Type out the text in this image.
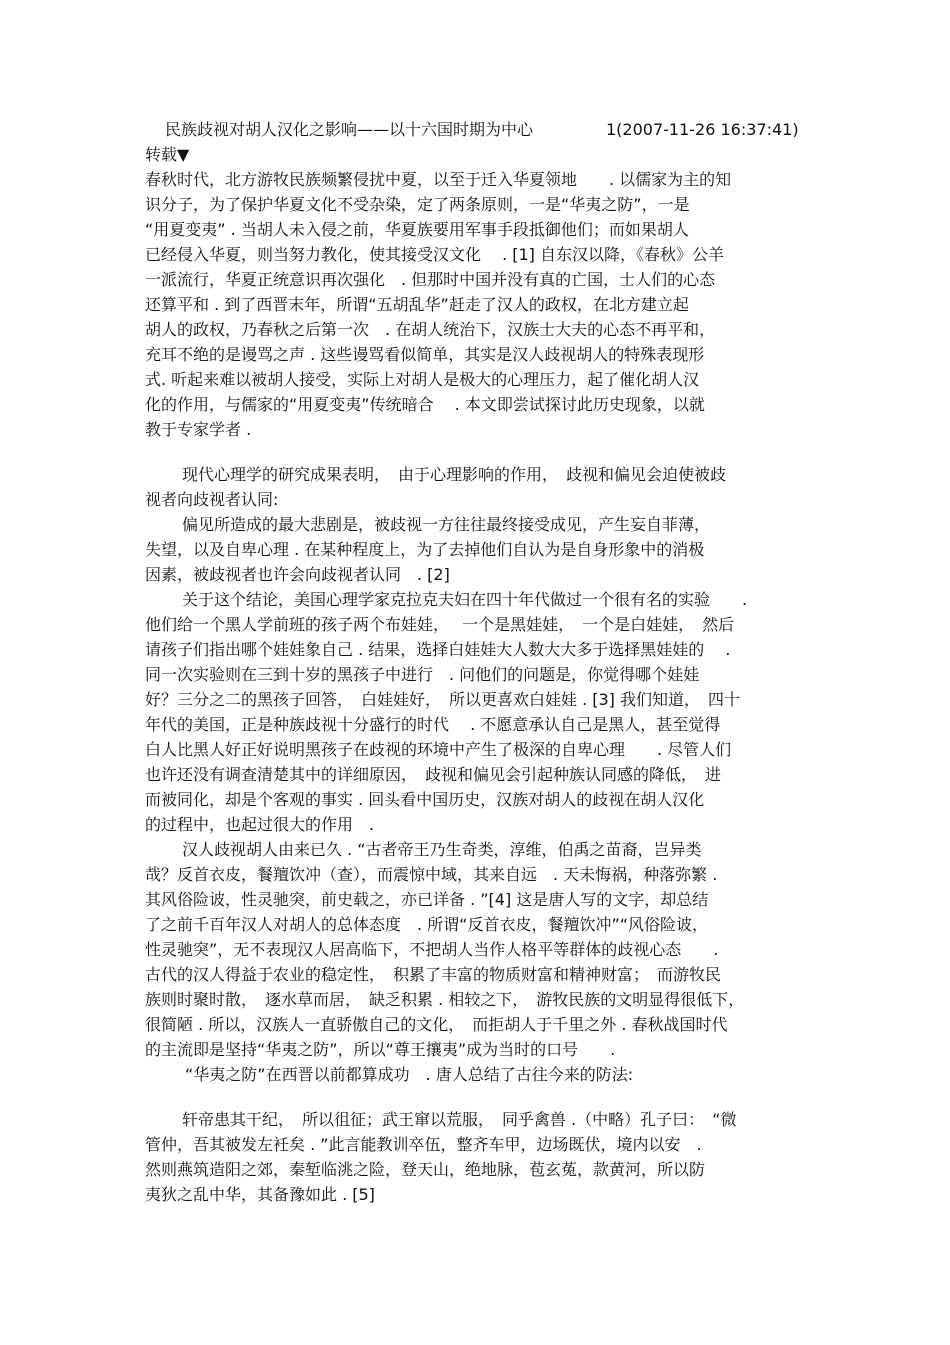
民族歧视对胡人汉化之影响——以十六国时期为中心	1(2007-11-26 16:37:41)
转载▼
春秋时代，北方游牧民族频繁侵扰中夏，以至于迁入华夏领地　　. 以儒家为主的知
识分子，为了保护华夏文化不受杂染，定了两条原则，一是“华夷之防”，一是
“用夏变夷” . 当胡人未入侵之前，华夏族要用军事手段抵御他们；而如果胡人
已经侵入华夏，则当努力教化，使其接受汉文化　 . [1] 自东汉以降，《春秋》公羊
一派流行，华夏正统意识再次强化　. 但那时中国并没有真的亡国，士人们的心态
还算平和 . 到了西晋末年，所谓“五胡乱华”赶走了汉人的政权，在北方建立起
胡人的政权，乃春秋之后第一次　. 在胡人统治下，汉族士大夫的心态不再平和，
充耳不绝的是谩骂之声 . 这些谩骂看似简单，其实是汉人歧视胡人的特殊表现形
式. 听起来难以被胡人接受，实际上对胡人是极大的心理压力，起了催化胡人汉
化的作用，与儒家的“用夏变夷”传统暗合　 . 本文即尝试探讨此历史现象，以就
教于专家学者 .
现代心理学的研究成果表明，　由于心理影响的作用，　歧视和偏见会迫使被歧
视者向歧视者认同:
偏见所造成的最大悲剧是，被歧视一方往往最终接受成见，产生妄自菲薄，
失望，以及自卑心理 . 在某种程度上，为了去掉他们自认为是自身形象中的消极
因素，被歧视者也许会向歧视者认同　. [2]
关于这个结论，美国心理学家克拉克夫妇在四十年代做过一个很有名的实验　　.
他们给一个黑人学前班的孩子两个布娃娃，　 一个是黑娃娃，　一个是白娃娃，　然后
请孩子们指出哪个娃娃象自己 . 结果，选择白娃娃大人数大大多于选择黑娃娃的　 .
同一次实验则在三到十岁的黑孩子中进行　. 问他们的问题是，你觉得哪个娃娃
好？三分之二的黑孩子回答，　白娃娃好，　所以更喜欢白娃娃 . [3] 我们知道，　四十
年代的美国，正是种族歧视十分盛行的时代　 . 不愿意承认自己是黑人，甚至觉得
白人比黑人好正好说明黑孩子在歧视的环境中产生了极深的自卑心理　　. 尽管人们
也许还没有调查清楚其中的详细原因，　歧视和偏见会引起种族认同感的降低，　进
而被同化，却是个客观的事实 . 回头看中国历史，汉族对胡人的歧视在胡人汉化
的过程中，也起过很大的作用　.
汉人歧视胡人由来已久 . “古者帝王乃生奇类，淳维，伯禹之苗裔，岂异类
哉？反首衣皮，餐羶饮冲（查），而震惊中域，其来自远　. 天未悔祸，种落弥繁 .
其风俗险诐，性灵驰突，前史载之，亦已详备 . ”[4] 这是唐人写的文字，却总结
了之前千百年汉人对胡人的总体态度　. 所谓“反首衣皮，餐羶饮冲”“风俗险诐，
性灵驰突”，无不表现汉人居高临下，不把胡人当作人格平等群体的歧视心态　　.
古代的汉人得益于农业的稳定性，　积累了丰富的物质财富和精神财富；　而游牧民
族则时聚时散，　逐水草而居，　缺乏积累 . 相较之下，　游牧民族的文明显得很低下，
很简陋 . 所以，汉族人一直骄傲自己的文化，　而拒胡人于千里之外 . 春秋战国时代
的主流即是坚持“华夷之防”，所以“尊王攘夷”成为当时的口号　　.
“华夷之防”在西晋以前都算成功　. 唐人总结了古往今来的防法:
轩帝患其干纪，　所以徂征；武王窜以荒服，　同乎禽兽 .（中略）孔子曰：　“微
管仲，吾其被发左衽矣 . ”此言能教训卒伍，整齐车甲，边场既伏，境内以安　.
然则燕筑造阳之郊，秦堑临洮之险，登天山，绝地脉，苞玄菟，款黄河，所以防
夷狄之乱中华，其备豫如此 . [5]
